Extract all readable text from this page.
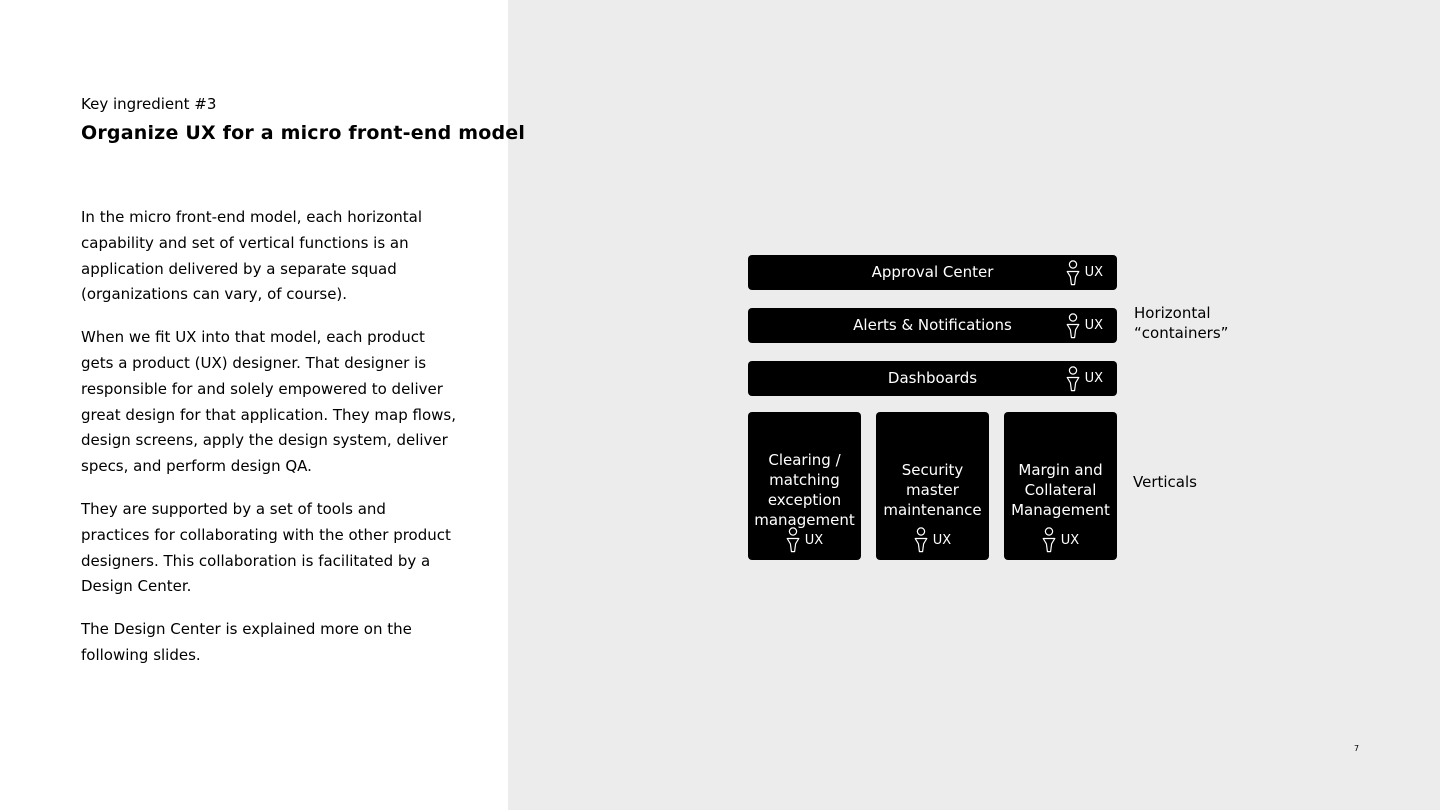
Key ingredient #3
Organize UX for a micro front-end model

In the micro front-end model, each horizontal capability and set of vertical functions is an application delivered by a separate squad (organizations can vary, of course).

When we fit UX into that model, each product gets a product (UX) designer. That designer is responsible for and solely empowered to deliver great design for that application. They map flows, design screens, apply the design system, deliver specs, and perform design QA.

They are supported by a set of tools and practices for collaborating with the other product designers. This collaboration is facilitated by a Design Center.

The Design Center is explained more on the following slides.

Approval Center	UX
Alerts & Notifications	UX
Dashboards	UX
Clearing / matching exception management
UX
Security master maintenance
UX
Margin and Collateral Management
UX
Horizontal
“containers”
Verticals
7
